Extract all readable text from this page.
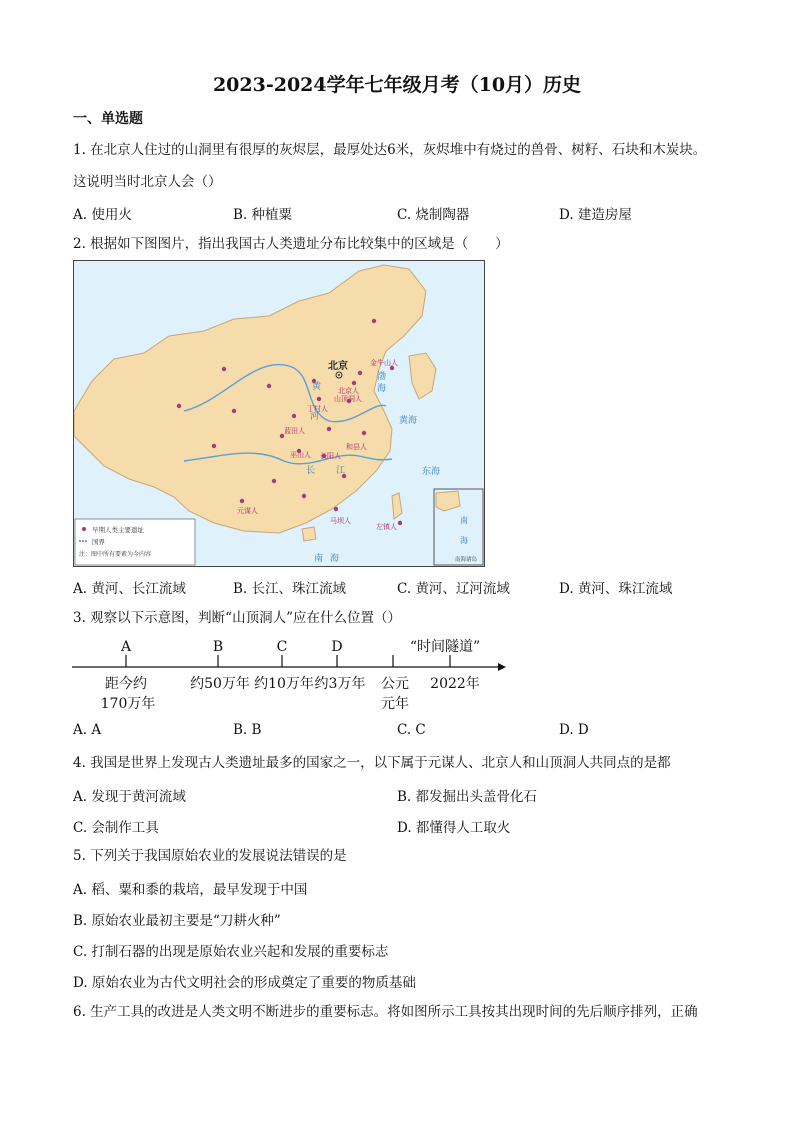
2023-2024学年七年级月考（10月）历史
一、单选题
1. 在北京人住过的山洞里有很厚的灰烬层，最厚处达6米，灰烬堆中有烧过的兽骨、树籽、石块和木炭块。
这说明当时北京人会（）
A. 使用火	B. 种植粟	C. 烧制陶器	D. 建造房屋
2. 根据如下图图片，指出我国古人类遗址分布比较集中的区域是（　　）
北京	金牛山人
北京人
山顶洞人
丁村人
蓝田人
和县人
巫山人 长阳人
元谋人
马坝人
左镇人
黄
河
长 江
渤
海
黄海
东海
南 海
南
海
南海诸岛
早期人类主要遗址
国界
注：图中所有要素为今内容
A. 黄河、长江流域	B. 长江、珠江流域	C. 黄河、辽河流域	D. 黄河、珠江流域
3. 观察以下示意图，判断“山顶洞人”应在什么位置（）
A	B	C	D	“时间隧道”
距今约
170万年
约50万年 约10万年 约3万年 公元
元年
2022年
A. A	B. B	C. C	D. D
4. 我国是世界上发现古人类遗址最多的国家之一，以下属于元谋人、北京人和山顶洞人共同点的是都
A. 发现于黄河流域	B. 都发掘出头盖骨化石
C. 会制作工具	D. 都懂得人工取火
5. 下列关于我国原始农业的发展说法错误的是
A. 稻、粟和黍的栽培，最早发现于中国
B. 原始农业最初主要是“刀耕火种”
C. 打制石器的出现是原始农业兴起和发展的重要标志
D. 原始农业为古代文明社会的形成奠定了重要的物质基础
6. 生产工具的改进是人类文明不断进步的重要标志。将如图所示工具按其出现时间的先后顺序排列，正确
